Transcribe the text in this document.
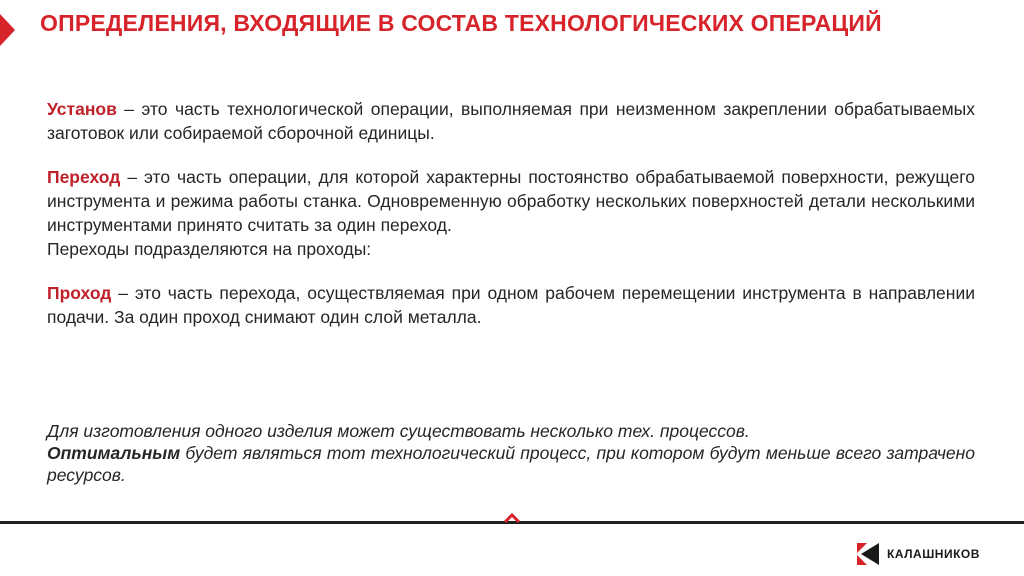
ОПРЕДЕЛЕНИЯ, ВХОДЯЩИЕ В СОСТАВ ТЕХНОЛОГИЧЕСКИХ ОПЕРАЦИЙ

Установ – это часть технологической операции, выполняемая при неизменном закреплении обрабатываемых заготовок или собираемой сборочной единицы.

Переход – это часть операции, для которой характерны постоянство обрабатываемой поверхности, режущего инструмента и режима работы станка. Одновременную обработку нескольких поверхностей детали несколькими инструментами принято считать за один переход.

Переходы подразделяются на проходы:

Проход – это часть перехода, осуществляемая при одном рабочем перемещении инструмента в направлении подачи. За один проход снимают один слой металла.

Для изготовления одного изделия может существовать несколько тех. процессов.
Оптимальным будет являться тот технологический процесс, при котором будут меньше всего затрачено ресурсов.

КАЛАШНИКОВ
